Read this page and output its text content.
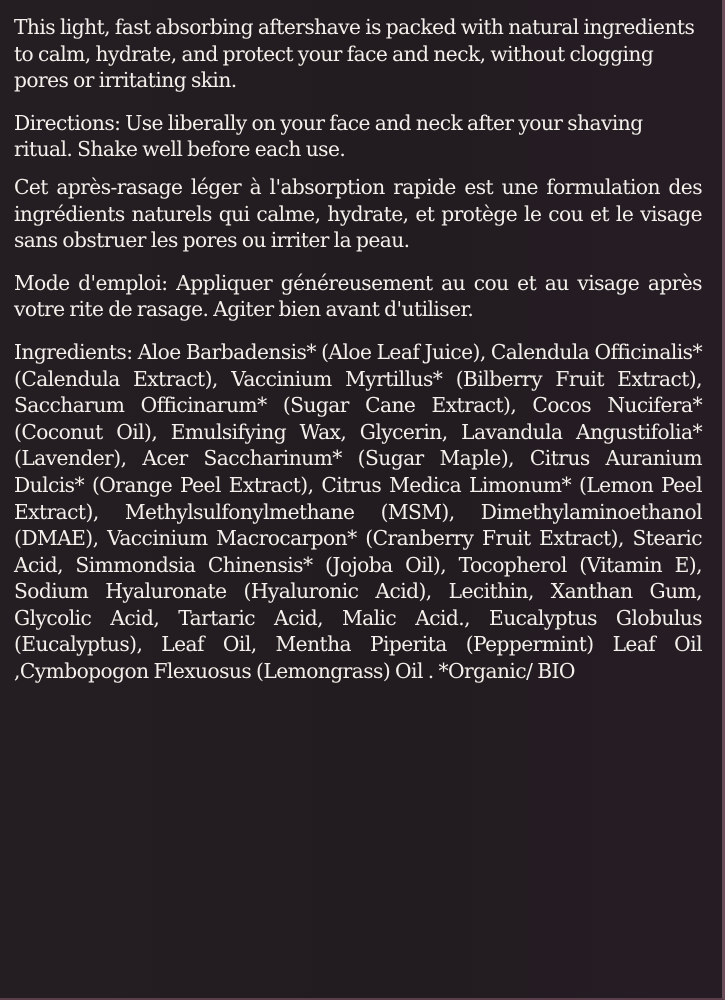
This light, fast absorbing aftershave is packed with natural ingredients to calm, hydrate, and protect your face and neck, without clogging pores or irritating skin.

Directions: Use liberally on your face and neck after your shaving ritual. Shake well before each use.

Cet après-rasage léger à l'absorption rapide est une formulation des ingrédients naturels qui calme, hydrate, et protège le cou et le visage sans obstruer les pores ou irriter la peau.

Mode d'emploi: Appliquer généreusement au cou et au visage après votre rite de rasage. Agiter bien avant d'utiliser.

Ingredients: Aloe Barbadensis* (Aloe Leaf Juice), Calendula Officinalis* (Calendula Extract), Vaccinium Myrtillus* (Bilberry Fruit Extract), Saccharum Officinarum* (Sugar Cane Extract), Cocos Nucifera* (Coconut Oil), Emulsifying Wax, Glycerin, Lavandula Angustifolia* (Lavender), Acer Saccharinum* (Sugar Maple), Citrus Auranium Dulcis* (Orange Peel Extract), Citrus Medica Limonum* (Lemon Peel Extract), Methylsulfonylmethane (MSM), Dimethylaminoethanol (DMAE), Vaccinium Macrocarpon* (Cranberry Fruit Extract), Stearic Acid, Simmondsia Chinensis* (Jojoba Oil), Tocopherol (Vitamin E), Sodium Hyaluronate (Hyaluronic Acid), Lecithin, Xanthan Gum, Glycolic Acid, Tartaric Acid, Malic Acid., Eucalyptus Globulus (Eucalyptus), Leaf Oil, Mentha Piperita (Peppermint) Leaf Oil ,Cymbopogon Flexuosus (Lemongrass) Oil . *Organic/ BIO
